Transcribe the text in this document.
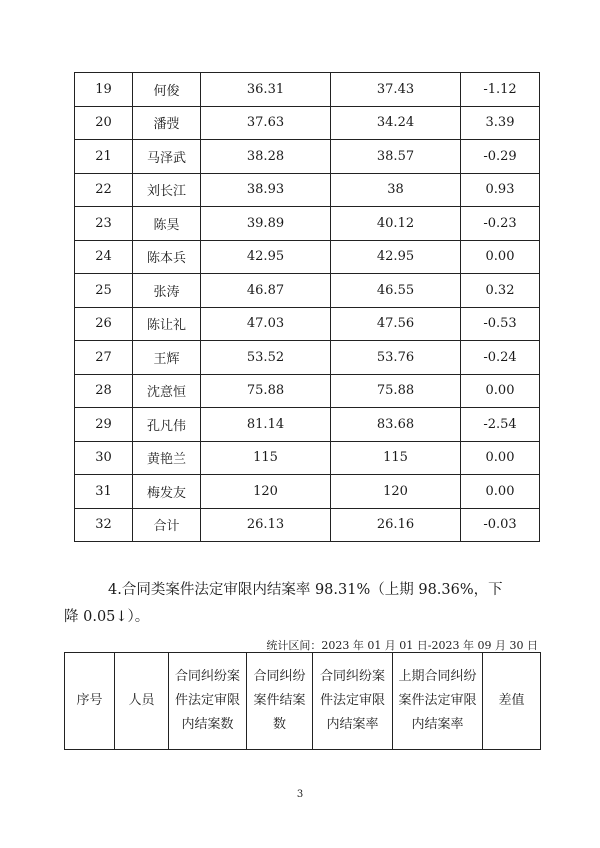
19	何俊	36.31	37.43	-1.12
20	潘弢	37.63	34.24	3.39
21	马泽武	38.28	38.57	-0.29
22	刘长江	38.93	38	0.93
23	陈昊	39.89	40.12	-0.23
24	陈本兵	42.95	42.95	0.00
25	张涛	46.87	46.55	0.32
26	陈让礼	47.03	47.56	-0.53
27	王辉	53.52	53.76	-0.24
28	沈意恒	75.88	75.88	0.00
29	孔凡伟	81.14	83.68	-2.54
30	黄艳兰	115	115	0.00
31	梅发友	120	120	0.00
32	合计	26.13	26.16	-0.03

4.合同类案件法定审限内结案率 98.31%（上期 98.36%，下
降 0.05↓）。

统计区间：2023 年 01 月 01 日-2023 年 09 月 30 日
序号	人员	合同纠纷案件法定审限内结案数	合同纠纷案件结案数	合同纠纷案件法定审限内结案率	上期合同纠纷案件法定审限内结案率	差值
3
